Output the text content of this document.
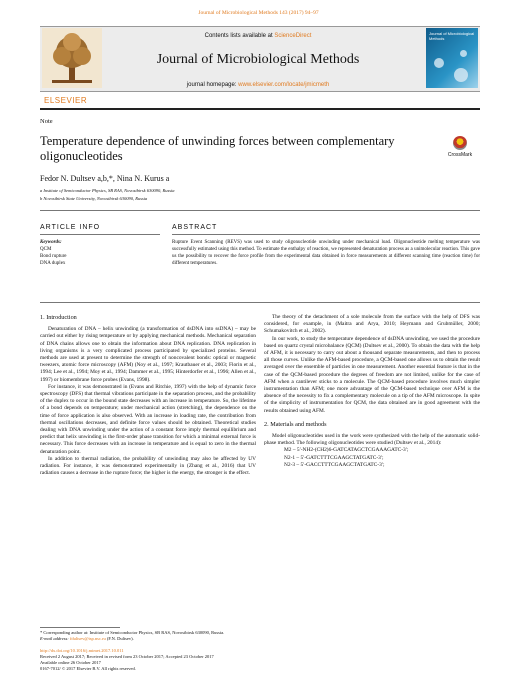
Journal of Microbiological Methods 143 (2017) 94–97
ELSEVIER
Contents lists available at ScienceDirect
Journal of Microbiological Methods
journal homepage: www.elsevier.com/locate/jmicmeth
Journal of Microbiological Methods
Note
Temperature dependence of unwinding forces between complementary oligonucleotides	CrossMark
Fedor N. Dultsev a,b,*, Nina N. Kurus a
a Institute of Semiconductor Physics, SB RAS, Novosibirsk 630090, Russia
b Novosibirsk State University, Novosibirsk 630090, Russia
ARTICLE INFO	ABSTRACT
Keywords:
QCM
Bond rupture
DNA duplex
Rupture Event Scanning (REVS) was used to study oligonucleotide unwinding under mechanical load. Oligonucleotide melting temperature was successfully estimated using this method. To estimate the enthalpy of reaction, we represented denaturation process as a unimolecular reaction. This gave us the possibility to recover the force profile from the experimental data obtained in force measurements at different scanning time (reaction time) for different temperatures.
1. Introduction

Denaturation of DNA – helix unwinding (a transformation of dsDNA into ssDNA) – may be carried out either by rising temperature or by applying mechanical methods. Mechanical separation of DNA chains allows one to obtain the information about DNA replication. DNA replication in living organisms is a very complicated process participated by specialized proteins. Several methods are used at present to determine the strength of noncovalent bonds: optical or magnetic tweezers, atomic force microscopy (AFM) (Noy et al., 1997; Krautbauer et al., 2003; Florin et al., 1994; Lee et al., 1994; Moy et al., 1994; Dammer et al., 1995; Hinterdorfer et al., 1996; Allen et al., 1997) or biomembrane force probes (Evans, 1998).

For instance, it was demonstrated in (Evans and Ritchie, 1997) with the help of dynamic force spectroscopy (DFS) that thermal vibrations participate in the separation process, and the probability of the duplex to occur in the bound state decreases with an increase in temperature. So, the lifetime of a bond depends on temperature; under mechanical action (stretching), the dependence on the time of force application is also observed. With an increase in loading rate, the contribution from thermal oscillations decreases, and definite force values should be obtained. Theoretical studies dealing with DNA unwinding under the action of a constant force imply thermal equilibrium and predict that helix unwinding is the first-order phase transition for which a minimal external force is necessary. This force decreases with an increase in temperature and is equal to zero in the thermal denaturation point.

In addition to thermal radiation, the probability of unwinding may also be affected by UV radiation. For instance, it was demonstrated experimentally in (Zhang et al., 2016) that UV radiation causes a decrease in the rupture force; the higher is the energy, the stronger is the effect.

The theory of the detachment of a sole molecule from the surface with the help of DFS was considered, for example, in (Maitra and Arya, 2010; Heymann and Grubmüller, 2000; Schumakovitch et al., 2002).

In our work, to study the temperature dependence of dsDNA unwinding, we used the procedure based on quartz crystal microbalance (QCM) (Dultsev et al., 2000). To obtain the data with the help of AFM, it is necessary to carry out about a thousand separate measurements, and then to process all those curves. Unlike the AFM-based procedure, a QCM-based one allows us to obtain the result averaged over the ensemble of particles in one measurement. Another essential feature is that in the case of the QCM-based procedure the degrees of freedom are not limited, unlike for the case of AFM when a cantilever sticks to a molecule. The QCM-based procedure involves much simpler instrumentation than AFM; one more advantage of the QCM-based technique over AFM is the absence of the necessity to fix a complementary molecule on a tip of the AFM microscope. In spite of the simplicity of instrumentation for QCM, the data obtained are in good agreement with the results obtained using AFM.

2. Materials and methods

Model oligonucleotides used in the work were synthesized with the help of the automatic solid-phase method. The following oligonucleotides were studied (Dultsev et al., 2014):

M2 – 5′-NH2-(CH2)6-GATCATAGCTCGAAAGATC-3′;

N2-1 – 5′-GATCTTTCGAAGCTATGATC-3′;

N2-3 – 5′-GACCTTTCGAAGCTATGATC-3′;

* Corresponding author at: Institute of Semiconductor Physics, SB RAS, Novosibirsk 630090, Russia.
E-mail address: fdultsev@isp.nsc.ru (F.N. Dultsev).
http://dx.doi.org/10.1016/j.mimet.2017.10.011
Received 2 August 2017; Received in revised form 23 October 2017; Accepted 23 October 2017
Available online 26 October 2017
0167-7012/ © 2017 Elsevier B.V. All rights reserved.
